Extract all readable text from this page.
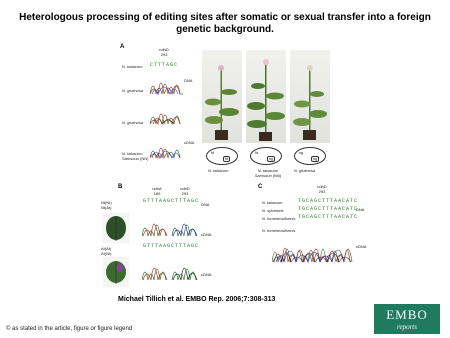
Heterologous processing of editing sites after somatic or sexual transfer into a foreign genetic background.
A	ndhD
293
N. tabacum CTTTAGC
N. glutinosa
DNA
N. glutinosa
N. tabacum
Samsoun (NN)
cDNA
ht
ht
ht
ng
ng
ng
N. tabacum	N. tabacum Samsoun (NN)
N. glutinosa
B	ndhA
189
ndhD
293
Nt(Nt)
Nt(At)
At(At)
At(Nt)
GTTTAAG CTTTAGC
GTTTAAG CTTTAGC
DNA
cDNA
cDNA
C	ndhD
293
N. tabacum	TGCAGCTTTAACATC
N. sylvestris	TGCAGCTTTAACATC
N. tomentosiformis TGCAGCTTTAACATC
DNA
N. tomentosiformis
cDNA
Michael Tillich et al. EMBO Rep. 2006;7:308-313
EMBO
reports
© as stated in the article, figure or figure legend
